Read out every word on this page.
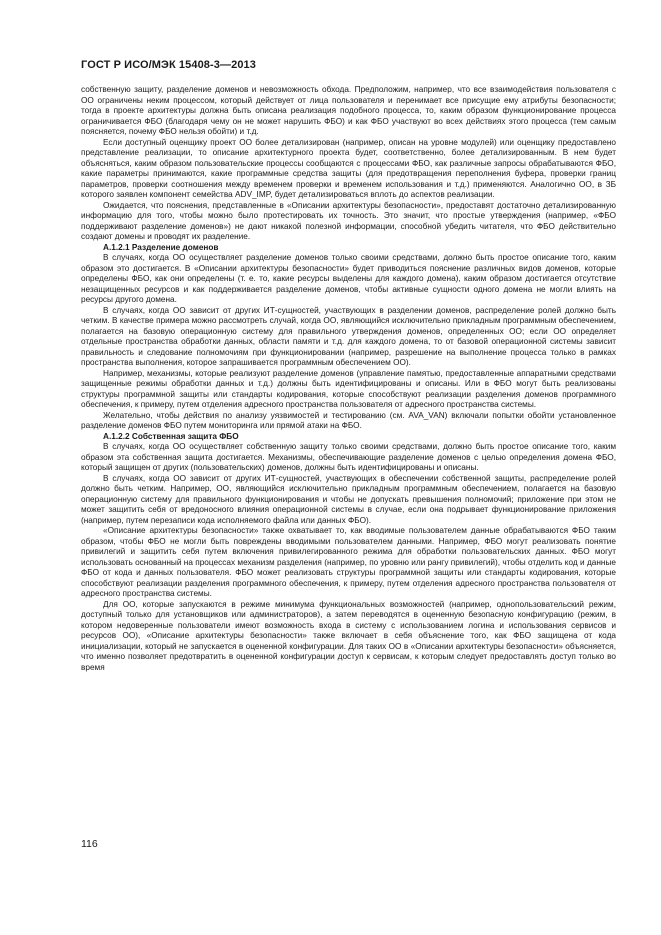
ГОСТ Р ИСО/МЭК 15408-3—2013

собственную защиту, разделение доменов и невозможность обхода. Предположим, например, что все взаимодействия пользователя с ОО ограничены неким процессом, который действует от лица пользователя и перенимает все присущие ему атрибуты безопасности; тогда в проекте архитектуры должна быть описана реализация подобного процесса, то, каким образом функционирование процесса ограничивается ФБО (благодаря чему он не может нарушить ФБО) и как ФБО участвуют во всех действиях этого процесса (тем самым поясняется, почему ФБО нельзя обойти) и т.д.

Если доступный оценщику проект ОО более детализирован (например, описан на уровне модулей) или оценщику предоставлено представление реализации, то описание архитектурного проекта будет, соответственно, более детализированным. В нем будет объясняться, каким образом пользовательские процессы сообщаются с процессами ФБО, как различные запросы обрабатываются ФБО, какие параметры принимаются, какие программные средства защиты (для предотвращения переполнения буфера, проверки границ параметров, проверки соотношения между временем проверки и временем использования и т.д.) применяются. Аналогично ОО, в ЗБ которого заявлен компонент семейства ADV_IMP, будет детализироваться вплоть до аспектов реализации.

Ожидается, что пояснения, представленные в «Описании архитектуры безопасности», предоставят достаточно детализированную информацию для того, чтобы можно было протестировать их точность. Это значит, что простые утверждения (например, «ФБО поддерживают разделение доменов») не дают никакой полезной информации, способной убедить читателя, что ФБО действительно создают домены и проводят их разделение.

А.1.2.1 Разделение доменов

В случаях, когда ОО осуществляет разделение доменов только своими средствами, должно быть простое описание того, каким образом это достигается. В «Описании архитектуры безопасности» будет приводиться пояснение различных видов доменов, которые определены ФБО, как они определены (т. е. то, какие ресурсы выделены для каждого домена), каким образом достигается отсутствие незащищенных ресурсов и как поддерживается разделение доменов, чтобы активные сущности одного домена не могли влиять на ресурсы другого домена.

В случаях, когда ОО зависит от других ИТ-сущностей, участвующих в разделении доменов, распределение ролей должно быть четким. В качестве примера можно рассмотреть случай, когда ОО, являющийся исключительно прикладным программным обеспечением, полагается на базовую операционную систему для правильного утверждения доменов, определенных ОО; если ОО определяет отдельные пространства обработки данных, области памяти и т.д. для каждого домена, то от базовой операционной системы зависит правильность и следование полномочиям при функционировании (например, разрешение на выполнение процесса только в рамках пространства выполнения, которое запрашивается программным обеспечением ОО).

Например, механизмы, которые реализуют разделение доменов (управление памятью, предоставленные аппаратными средствами защищенные режимы обработки данных и т.д.) должны быть идентифицированы и описаны. Или в ФБО могут быть реализованы структуры программной защиты или стандарты кодирования, которые способствуют реализации разделения доменов программного обеспечения, к примеру, путем отделения адресного пространства пользователя от адресного пространства системы.

Желательно, чтобы действия по анализу уязвимостей и тестированию (см. AVA_VAN) включали попытки обойти установленное разделение доменов ФБО путем мониторинга или прямой атаки на ФБО.

А.1.2.2 Собственная защита ФБО

В случаях, когда ОО осуществляет собственную защиту только своими средствами, должно быть простое описание того, каким образом эта собственная защита достигается. Механизмы, обеспечивающие разделение доменов с целью определения домена ФБО, который защищен от других (пользовательских) доменов, должны быть идентифицированы и описаны.

В случаях, когда ОО зависит от других ИТ-сущностей, участвующих в обеспечении собственной защиты, распределение ролей должно быть четким. Например, ОО, являющийся исключительно прикладным программным обеспечением, полагается на базовую операционную систему для правильного функционирования и чтобы не допускать превышения полномочий; приложение при этом не может защитить себя от вредоносного влияния операционной системы в случае, если она подрывает функционирование приложения (например, путем перезаписи кода исполняемого файла или данных ФБО).

«Описание архитектуры безопасности» также охватывает то, как вводимые пользователем данные обрабатываются ФБО таким образом, чтобы ФБО не могли быть повреждены вводимыми пользователем данными. Например, ФБО могут реализовать понятие привилегий и защитить себя путем включения привилегированного режима для обработки пользовательских данных. ФБО могут использовать основанный на процессах механизм разделения (например, по уровню или рангу привилегий), чтобы отделить код и данные ФБО от кода и данных пользователя. ФБО может реализовать структуры программной защиты или стандарты кодирования, которые способствуют реализации разделения программного обеспечения, к примеру, путем отделения адресного пространства пользователя от адресного пространства системы.

Для ОО, которые запускаются в режиме минимума функциональных возможностей (например, однопользовательский режим, доступный только для установщиков или администраторов), а затем переводятся в оцененную безопасную конфигурацию (режим, в котором недоверенные пользователи имеют возможность входа в систему с использованием логина и использования сервисов и ресурсов ОО), «Описание архитектуры безопасности» также включает в себя объяснение того, как ФБО защищена от кода инициализации, который не запускается в оцененной конфигурации. Для таких ОО в «Описании архитектуры безопасности» объясняется, что именно позволяет предотвратить в оцененной конфигурации доступ к сервисам, к которым следует предоставлять доступ только во время

116
